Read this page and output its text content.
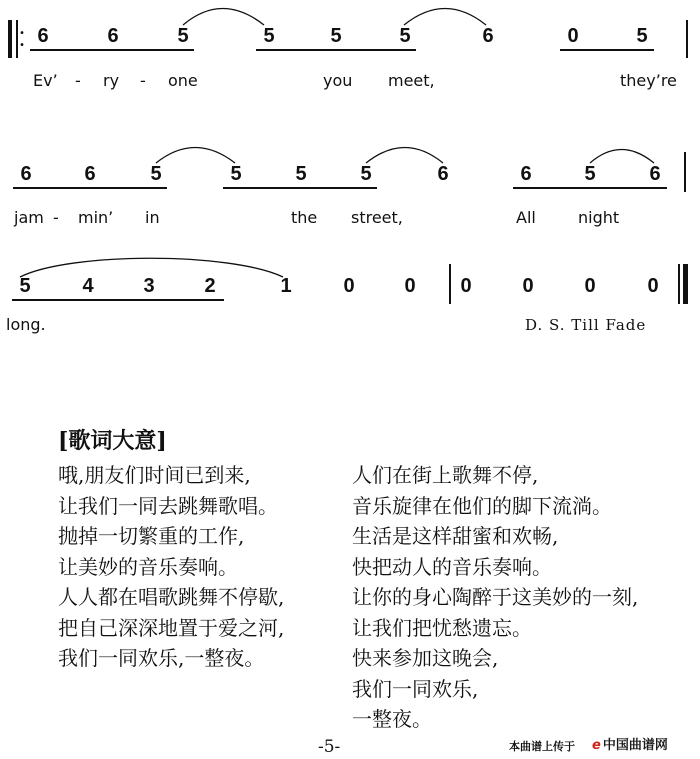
•
• 6	6	5	5	5	5	6	0	5
Ev’ - ry - one	you meet,	they’re
6	6	5	5	5	5	6	6	5	6
jam - min’ in	the street,	All	night
5	4 3 2	1	0 0 0	0	0	0
long.	D. S. Till Fade
[歌词大意]
哦,朋友们时间已到来,
让我们一同去跳舞歌唱。
抛掉一切繁重的工作,
让美妙的音乐奏响。
人人都在唱歌跳舞不停歇,
把自己深深地置于爱之河,
我们一同欢乐,一整夜。
人们在街上歌舞不停,
音乐旋律在他们的脚下流淌。
生活是这样甜蜜和欢畅,
快把动人的音乐奏响。
让你的身心陶醉于这美妙的一刻,
让我们把忧愁遗忘。
快来参加这晚会,
我们一同欢乐,
一整夜。
-5-	本曲谱上传于 e 中国曲谱网
